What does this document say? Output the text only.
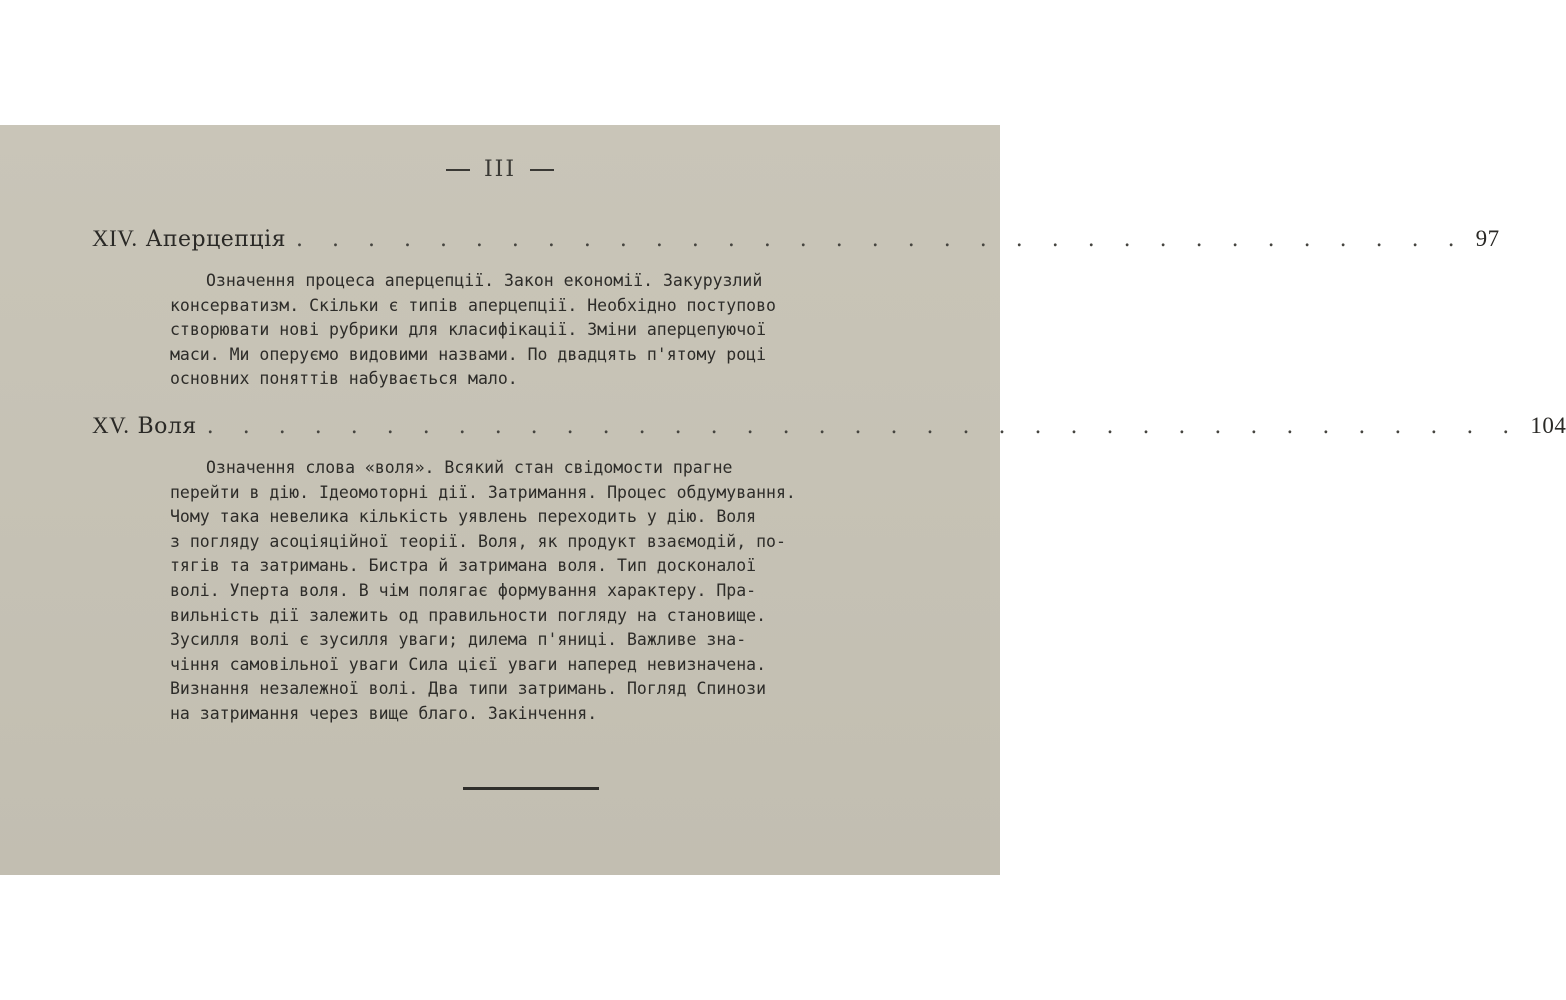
III
XIV. Аперцепція . . . . . . . . . . . . . . . . . . . . . . . . . . . . . . . . . 97
Означення процеса аперцепції. Закон економії. Закурузлий
консерватизм. Скільки є типів аперцепції. Необхідно поступово
створювати нові рубрики для класифікації. Зміни аперцепуючої
маси. Ми оперуємо видовими назвами. По двадцять п'ятому році
основних поняттів набувається мало.
XV. Воля . . . . . . . . . . . . . . . . . . . . . . . . . . . . . . . . . . . . . 104
Означення слова «воля». Всякий стан свідомости прагне
перейти в дію. Ідеомоторні дії. Затримання. Процес обдумування.
Чому така невелика кількість уявлень переходить у дію. Воля
з погляду асоціяційної теорії. Воля, як продукт взаємодій, по-
тягів та затримань. Бистра й затримана воля. Тип досконалої
волі. Уперта воля. В чім полягає формування характеру. Пра-
вильність дії залежить од правильности погляду на становище.
Зусилля волі є зусилля уваги; дилема п'яниці. Важливе зна-
чіння самовільної уваги Сила цієї уваги наперед невизначена.
Визнання незалежної волі. Два типи затримань. Погляд Спинози
на затримання через вище благо. Закінчення.
